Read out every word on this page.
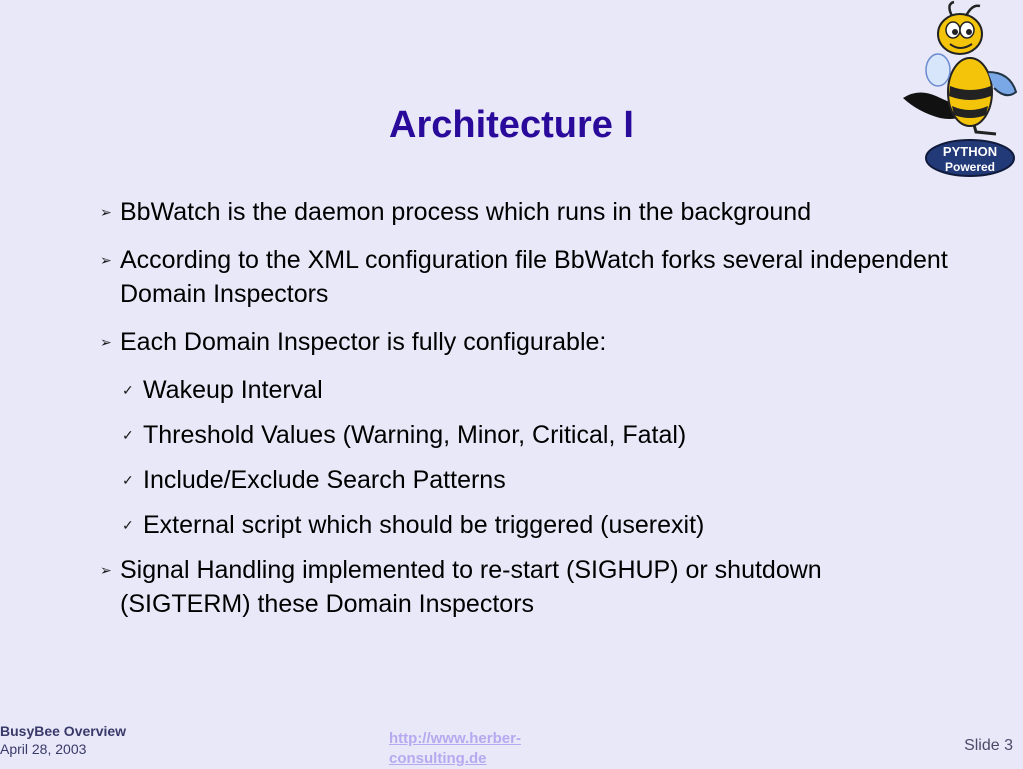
Architecture I
PYTHON
Powered
➢ BbWatch is the daemon process which runs in the background
➢ According to the XML configuration file BbWatch forks several independent Domain Inspectors
➢ Each Domain Inspector is fully configurable:
✓ Wakeup Interval
✓ Threshold Values (Warning, Minor, Critical, Fatal)
✓ Include/Exclude Search Patterns
✓ External script which should be triggered (userexit)
➢ Signal Handling implemented to re-start (SIGHUP) or shutdown (SIGTERM) these Domain Inspectors
BusyBee Overview
April 28, 2003
http://www.herber-consulting.de
Slide 3
